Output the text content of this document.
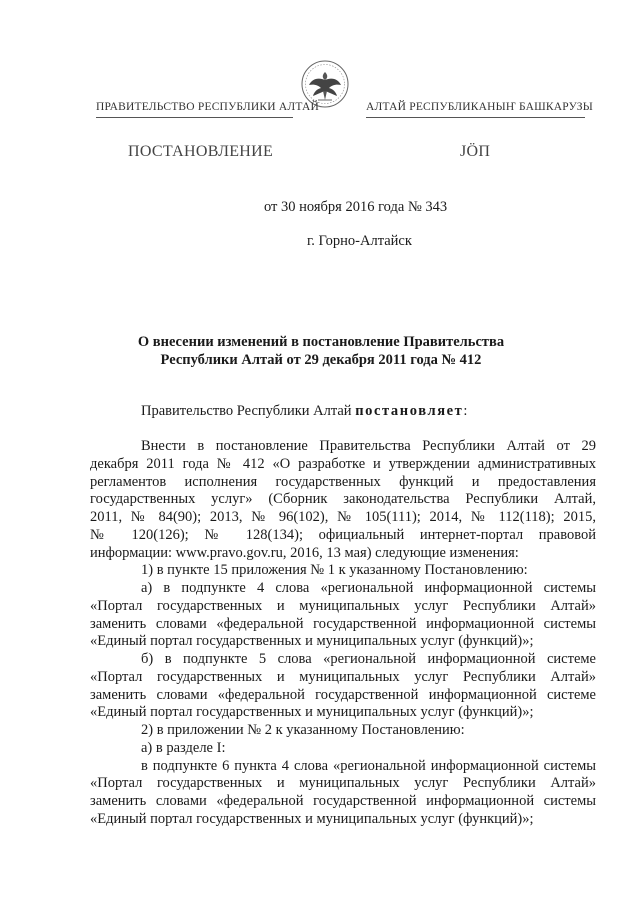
ПРАВИТЕЛЬСТВО РЕСПУБЛИКИ АЛТАЙ	АЛТАЙ РЕСПУБЛИКАНЫҤ БАШКАРУЗЫ
ПОСТАНОВЛЕНИЕ	JÖП
от 30 ноября 2016 года № 343
г. Горно-Алтайск
О внесении изменений в постановление Правительства
Республики Алтай от 29 декабря 2011 года № 412
Правительство Республики Алтай постановляет:

Внести в постановление Правительства Республики Алтай от 29

декабря 2011 года № 412 «О разработке и утверждении административных

регламентов исполнения государственных функций и предоставления

государственных услуг» (Сборник законодательства Республики Алтай,

2011, № 84(90); 2013, № 96(102), № 105(111); 2014, № 112(118); 2015,

№ 120(126); № 128(134); официальный интернет-портал правовой

информации: www.pravo.gov.ru, 2016, 13 мая) следующие изменения:

1) в пункте 15 приложения № 1 к указанному Постановлению:

а) в подпункте 4 слова «региональной информационной системы

«Портал государственных и муниципальных услуг Республики Алтай»

заменить словами «федеральной государственной информационной системы

«Единый портал государственных и муниципальных услуг (функций)»;

б) в подпункте 5 слова «региональной информационной системе

«Портал государственных и муниципальных услуг Республики Алтай»

заменить словами «федеральной государственной информационной системе

«Единый портал государственных и муниципальных услуг (функций)»;

2) в приложении № 2 к указанному Постановлению:

а) в разделе I:

в подпункте 6 пункта 4 слова «региональной информационной системы

«Портал государственных и муниципальных услуг Республики Алтай»

заменить словами «федеральной государственной информационной системы

«Единый портал государственных и муниципальных услуг (функций)»;
